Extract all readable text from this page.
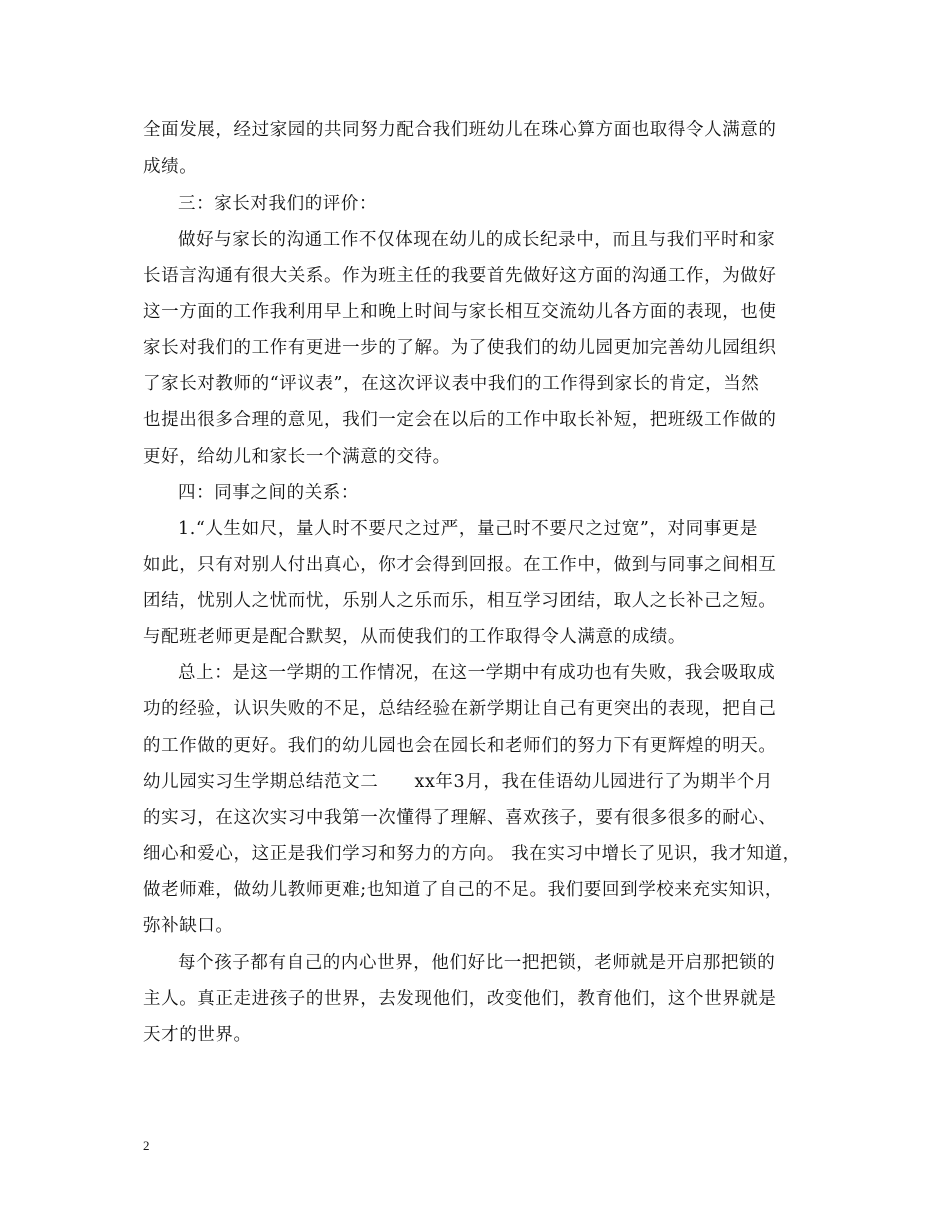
全面发展，经过家园的共同努力配合我们班幼儿在珠心算方面也取得令人满意的
成绩。
三：家长对我们的评价：
做好与家长的沟通工作不仅体现在幼儿的成长纪录中，而且与我们平时和家
长语言沟通有很大关系。作为班主任的我要首先做好这方面的沟通工作，为做好
这一方面的工作我利用早上和晚上时间与家长相互交流幼儿各方面的表现，也使
家长对我们的工作有更进一步的了解。为了使我们的幼儿园更加完善幼儿园组织
了家长对教师的“评议表”，在这次评议表中我们的工作得到家长的肯定，当然
也提出很多合理的意见，我们一定会在以后的工作中取长补短，把班级工作做的
更好，给幼儿和家长一个满意的交待。
四：同事之间的关系：
1.“人生如尺，量人时不要尺之过严，量己时不要尺之过宽”，对同事更是
如此，只有对别人付出真心，你才会得到回报。在工作中，做到与同事之间相互
团结，忧别人之忧而忧，乐别人之乐而乐，相互学习团结，取人之长补己之短。
与配班老师更是配合默契，从而使我们的工作取得令人满意的成绩。
总上：是这一学期的工作情况，在这一学期中有成功也有失败，我会吸取成
功的经验，认识失败的不足，总结经验在新学期让自己有更突出的表现，把自己
的工作做的更好。我们的幼儿园也会在园长和老师们的努力下有更辉煌的明天。
幼儿园实习生学期总结范文二　　xx年3月，我在佳语幼儿园进行了为期半个月
的实习，在这次实习中我第一次懂得了理解、喜欢孩子，要有很多很多的耐心、
细心和爱心，这正是我们学习和努力的方向。 我在实习中增长了见识，我才知道，
做老师难，做幼儿教师更难;也知道了自己的不足。我们要回到学校来充实知识，
弥补缺口。
每个孩子都有自己的内心世界，他们好比一把把锁，老师就是开启那把锁的
主人。真正走进孩子的世界，去发现他们，改变他们，教育他们，这个世界就是
天才的世界。
2
